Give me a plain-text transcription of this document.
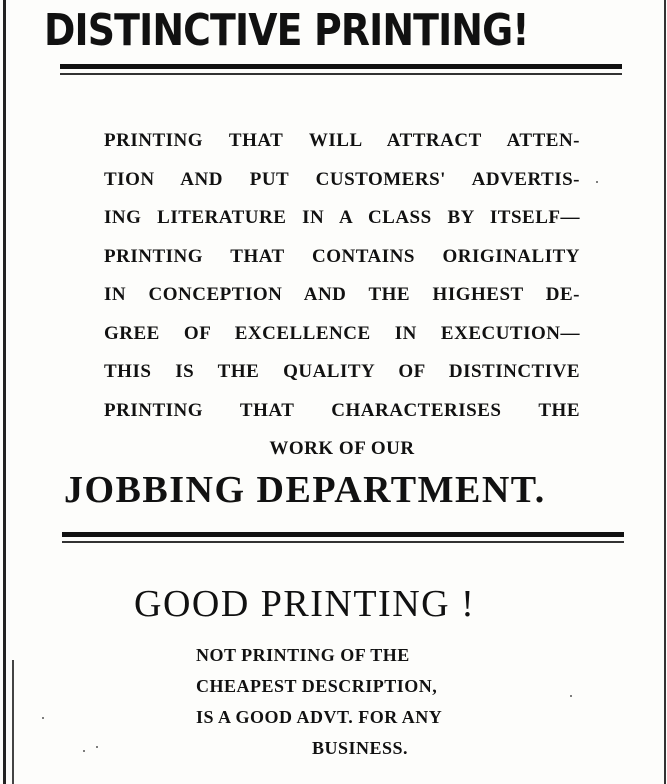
DISTINCTIVE PRINTING!
PRINTING THAT WILL ATTRACT ATTEN-
TION AND PUT CUSTOMERS' ADVERTIS-
ING LITERATURE IN A CLASS BY ITSELF—
PRINTING THAT CONTAINS ORIGINALITY
IN CONCEPTION AND THE HIGHEST DE-
GREE OF EXCELLENCE IN EXECUTION—
THIS IS THE QUALITY OF DISTINCTIVE
PRINTING THAT CHARACTERISES THE
WORK OF OUR
JOBBING DEPARTMENT.
GOOD PRINTING !
NOT PRINTING OF THE
CHEAPEST DESCRIPTION,
IS A GOOD ADVT. FOR ANY
BUSINESS.
